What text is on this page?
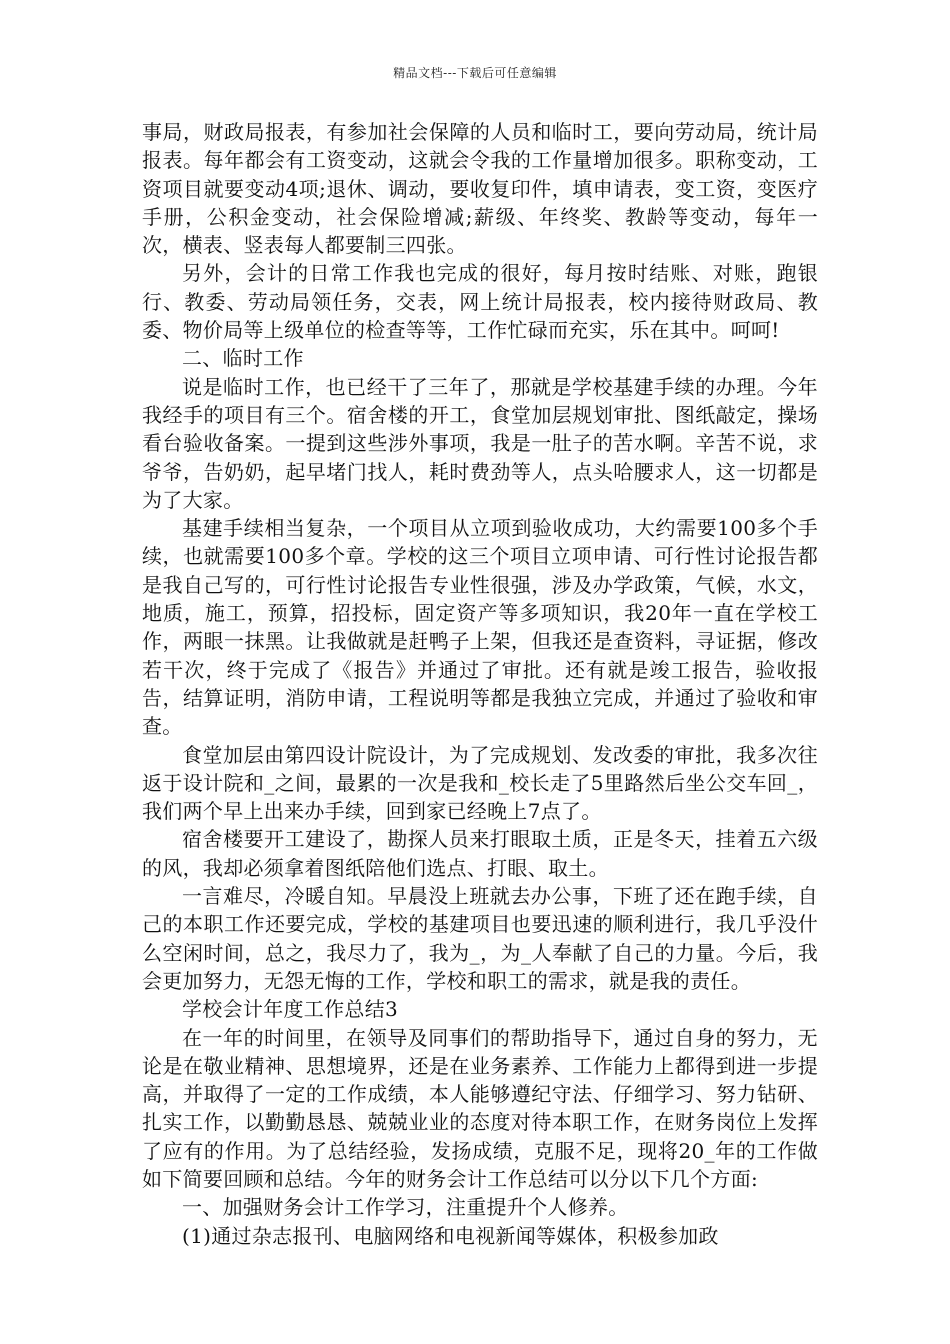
精品文档---下载后可任意编辑

事局，财政局报表，有参加社会保障的人员和临时工，要向劳动局，统计局报表。每年都会有工资变动，这就会令我的工作量增加很多。职称变动，工资项目就要变动4项;退休、调动，要收复印件，填申请表，变工资，变医疗手册，公积金变动，社会保险增减;薪级、年终奖、教龄等变动，每年一次，横表、竖表每人都要制三四张。

另外，会计的日常工作我也完成的很好，每月按时结账、对账，跑银行、教委、劳动局领任务，交表，网上统计局报表，校内接待财政局、教委、物价局等上级单位的检查等等，工作忙碌而充实，乐在其中。呵呵!

二、临时工作

说是临时工作，也已经干了三年了，那就是学校基建手续的办理。今年我经手的项目有三个。宿舍楼的开工，食堂加层规划审批、图纸敲定，操场看台验收备案。一提到这些涉外事项，我是一肚子的苦水啊。辛苦不说，求爷爷，告奶奶，起早堵门找人，耗时费劲等人，点头哈腰求人，这一切都是为了大家。

基建手续相当复杂，一个项目从立项到验收成功，大约需要100多个手续，也就需要100多个章。学校的这三个项目立项申请、可行性讨论报告都是我自己写的，可行性讨论报告专业性很强，涉及办学政策，气候，水文，地质，施工，预算，招投标，固定资产等多项知识，我20年一直在学校工作，两眼一抹黑。让我做就是赶鸭子上架，但我还是查资料，寻证据，修改若干次，终于完成了《报告》并通过了审批。还有就是竣工报告，验收报告，结算证明，消防申请，工程说明等都是我独立完成，并通过了验收和审查。

食堂加层由第四设计院设计，为了完成规划、发改委的审批，我多次往返于设计院和_之间，最累的一次是我和_校长走了5里路然后坐公交车回_，我们两个早上出来办手续，回到家已经晚上7点了。

宿舍楼要开工建设了，勘探人员来打眼取土质，正是冬天，挂着五六级的风，我却必须拿着图纸陪他们选点、打眼、取土。

一言难尽，冷暖自知。早晨没上班就去办公事，下班了还在跑手续，自己的本职工作还要完成，学校的基建项目也要迅速的顺利进行，我几乎没什么空闲时间，总之，我尽力了，我为_，为_人奉献了自己的力量。今后，我会更加努力，无怨无悔的工作，学校和职工的需求，就是我的责任。

学校会计年度工作总结3

在一年的时间里，在领导及同事们的帮助指导下，通过自身的努力，无论是在敬业精神、思想境界，还是在业务素养、工作能力上都得到进一步提高，并取得了一定的工作成绩，本人能够遵纪守法、仔细学习、努力钻研、扎实工作，以勤勤恳恳、兢兢业业的态度对待本职工作，在财务岗位上发挥了应有的作用。为了总结经验，发扬成绩，克服不足，现将20_年的工作做如下简要回顾和总结。今年的财务会计工作总结可以分以下几个方面:

一、加强财务会计工作学习，注重提升个人修养。

(1)通过杂志报刊、电脑网络和电视新闻等媒体，积极参加政
